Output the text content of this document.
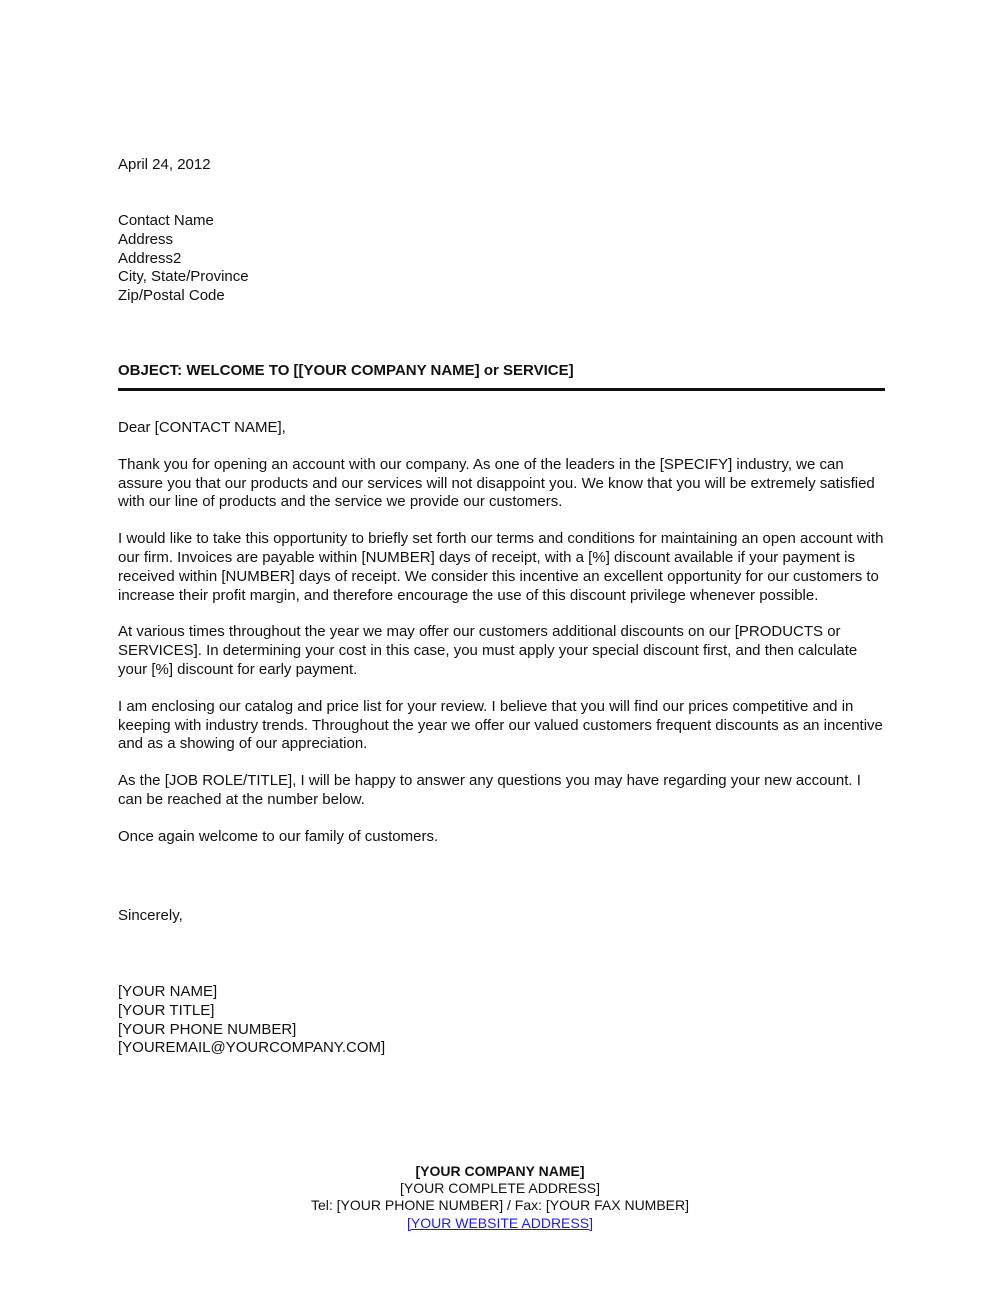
April 24, 2012
Contact Name
Address
Address2
City, State/Province
Zip/Postal Code
OBJECT: WELCOME TO [[YOUR COMPANY NAME] or SERVICE]

Dear [CONTACT NAME],

Thank you for opening an account with our company. As one of the leaders in the [SPECIFY] industry, we can assure you that our products and our services will not disappoint you. We know that you will be extremely satisfied with our line of products and the service we provide our customers.

I would like to take this opportunity to briefly set forth our terms and conditions for maintaining an open account with our firm. Invoices are payable within [NUMBER] days of receipt, with a [%] discount available if your payment is received within [NUMBER] days of receipt. We consider this incentive an excellent opportunity for our customers to increase their profit margin, and therefore encourage the use of this discount privilege whenever possible.

At various times throughout the year we may offer our customers additional discounts on our [PRODUCTS or SERVICES]. In determining your cost in this case, you must apply your special discount first, and then calculate your [%] discount for early payment.

I am enclosing our catalog and price list for your review. I believe that you will find our prices competitive and in keeping with industry trends. Throughout the year we offer our valued customers frequent discounts as an incentive and as a showing of our appreciation.

As the [JOB ROLE/TITLE], I will be happy to answer any questions you may have regarding your new account. I can be reached at the number below.

Once again welcome to our family of customers.

Sincerely,
[YOUR NAME]
[YOUR TITLE]
[YOUR PHONE NUMBER]
[YOUREMAIL@YOURCOMPANY.COM]
[YOUR COMPANY NAME]
[YOUR COMPLETE ADDRESS]
Tel: [YOUR PHONE NUMBER] / Fax: [YOUR FAX NUMBER]
[YOUR WEBSITE ADDRESS]
